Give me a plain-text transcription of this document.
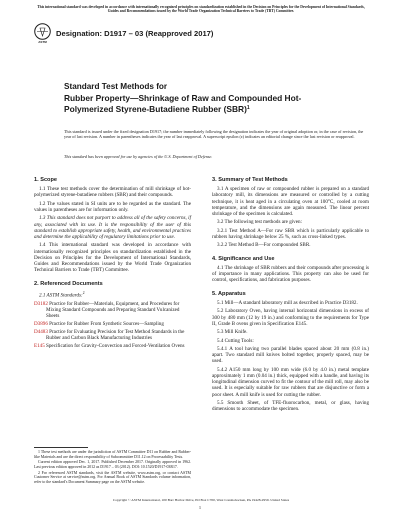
This international standard was developed in accordance with internationally recognized principles on standardization established in the Decision on Principles for the Development of International Standards, Guides and Recommendations issued by the World Trade Organization Technical Barriers to Trade (TBT) Committee.
ASTM
Designation: D1917 – 03 (Reapproved 2017)
Standard Test Methods for
Rubber Property—Shrinkage of Raw and Compounded Hot-
Polymerized Styrene-Butadiene Rubber (SBR)$^1$
This standard is issued under the fixed designation D1917; the number immediately following the designation indicates the year of original adoption or, in the case of revision, the year of last revision. A number in parentheses indicates the year of last reapproval. A superscript epsilon (ε) indicates an editorial change since the last revision or reapproval.
This standard has been approved for use by agencies of the U.S. Department of Defense.
1. Scope
1.1 These test methods cover the determination of mill shrinkage of hot-polymerized styrene-butadiene rubbers (SBR) and their compounds.
1.2 The values stated in SI units are to be regarded as the standard. The values in parentheses are for information only.
1.3 This standard does not purport to address all of the safety concerns, if any, associated with its use. It is the responsibility of the user of this standard to establish appropriate safety, health, and environmental practices and determine the applicability of regulatory limitations prior to use.
1.4 This international standard was developed in accordance with internationally recognized principles on standardization established in the Decision on Principles for the Development of International Standards, Guides and Recommendations issued by the World Trade Organization Technical Barriers to Trade (TBT) Committee.
2. Referenced Documents
2.1 ASTM Standards:$^2$
D3182 Practice for Rubber—Materials, Equipment, and Procedures for Mixing Standard Compounds and Preparing Standard Vulcanized Sheets
D3896 Practice for Rubber From Synthetic Sources—Sampling
D4483 Practice for Evaluating Precision for Test Method Standards in the Rubber and Carbon Black Manufacturing Industries
E145 Specification for Gravity-Convection and Forced-Ventilation Ovens
1 These test methods are under the jurisdiction of ASTM Committee D11 on Rubber and Rubber-like Materials and are the direct responsibility of Subcommittee D11.12 on Processability Tests.
Current edition approved Dec. 1, 2017. Published December 2017. Originally approved in 1962. Last previous edition approved in 2012 as D1917 – 03 (2012). DOI: 10.1520/D1917-03R17.
2 For referenced ASTM standards, visit the ASTM website, www.astm.org, or contact ASTM Customer Service at service@astm.org. For Annual Book of ASTM Standards volume information, refer to the standard's Document Summary page on the ASTM website.
3. Summary of Test Methods
3.1 A specimen of raw or compounded rubber is prepared on a standard laboratory mill, its dimensions are measured or controlled by a cutting technique, it is heat aged in a circulating oven at 100°C, cooled at room temperature, and the dimensions are again measured. The linear percent shrinkage of the specimen is calculated.
3.2 The following test methods are given:
3.2.1 Test Method A—For raw SBR which is particularly applicable to rubbers having shrinkage below 25 %, such as cross-linked types.
3.2.2 Test Method B—For compounded SBR.
4. Significance and Use
4.1 The shrinkage of SBR rubbers and their compounds after processing is of importance in many applications. This property can also be used for control, specifications, and fabrication purposes.
5. Apparatus
5.1 Mill—A standard laboratory mill as described in Practice D3182.
5.2 Laboratory Oven, having internal horizontal dimensions in excess of 300 by 480 mm (12 by 19 in.) and conforming to the requirements for Type II, Grade B ovens given in Specification E145.
5.3 Mill Knife.
5.4 Cutting Tools:
5.4.1 A tool having two parallel blades spaced about 20 mm (0.8 in.) apart. Two standard mill knives bolted together, properly spaced, may be used.
5.4.2 A150 mm long by 100 mm wide (6.0 by 4.0 in.) metal template approximately 1 mm (0.04 in.) thick, equipped with a handle, and having its longitudinal dimension curved to fit the contour of the mill roll, may also be used. It is especially suitable for raw rubbers that are disjunctive or form a poor sheet. A mill knife is used for cutting the rubber.
5.5 Smooth Sheet, of TFE-fluorocarbon, metal, or glass, having dimensions to accommodate the specimen.
Copyright © ASTM International, 100 Barr Harbor Drive, PO Box C700, West Conshohocken, PA 19428-2959. United States
1
